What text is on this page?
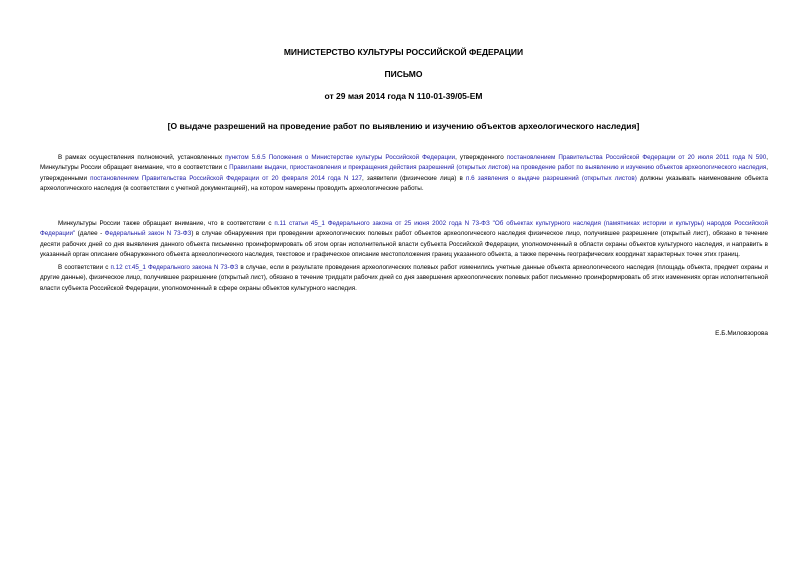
МИНИСТЕРСТВО КУЛЬТУРЫ РОССИЙСКОЙ ФЕДЕРАЦИИ
ПИСЬМО
от 29 мая 2014 года N 110-01-39/05-ЕМ
[О выдаче разрешений на проведение работ по выявлению и изучению объектов археологического наследия]

В рамках осуществления полномочий, установленных пунктом 5.6.5 Положения о Министерстве культуры Российской Федерации, утвержденного постановлением Правительства Российской Федерации от 20 июля 2011 года N 590, Минкультуры России обращает внимание, что в соответствии с Правилами выдачи, приостановления и прекращения действия разрешений (открытых листов) на проведение работ по выявлению и изучению объектов археологического наследия, утвержденными постановлением Правительства Российской Федерации от 20 февраля 2014 года N 127, заявители (физические лица) в п.6 заявления о выдаче разрешений (открытых листов) должны указывать наименование объекта археологического наследия (в соответствии с учетной документацией), на котором намерены проводить археологические работы.

Минкультуры России также обращает внимание, что в соответствии с п.11 статьи 45_1 Федерального закона от 25 июня 2002 года N 73-ФЗ "Об объектах культурного наследия (памятниках истории и культуры) народов Российской Федерации" (далее - Федеральный закон N 73-ФЗ) в случае обнаружения при проведении археологических полевых работ объектов археологического наследия физическое лицо, получившее разрешение (открытый лист), обязано в течение десяти рабочих дней со дня выявления данного объекта письменно проинформировать об этом орган исполнительной власти субъекта Российской Федерации, уполномоченный в области охраны объектов культурного наследия, и направить в указанный орган описание обнаруженного объекта археологического наследия, текстовое и графическое описание местоположения границ указанного объекта, а также перечень географических координат характерных точек этих границ.

В соответствии с п.12 ст.45_1 Федерального закона N 73-ФЗ в случае, если в результате проведения археологических полевых работ изменились учетные данные объекта археологического наследия (площадь объекта, предмет охраны и другие данные), физическое лицо, получившее разрешение (открытый лист), обязано в течение тридцати рабочих дней со дня завершения археологических полевых работ письменно проинформировать об этих изменениях орган исполнительной власти субъекта Российской Федерации, уполномоченный в сфере охраны объектов культурного наследия.

Е.Б.Миловзорова
